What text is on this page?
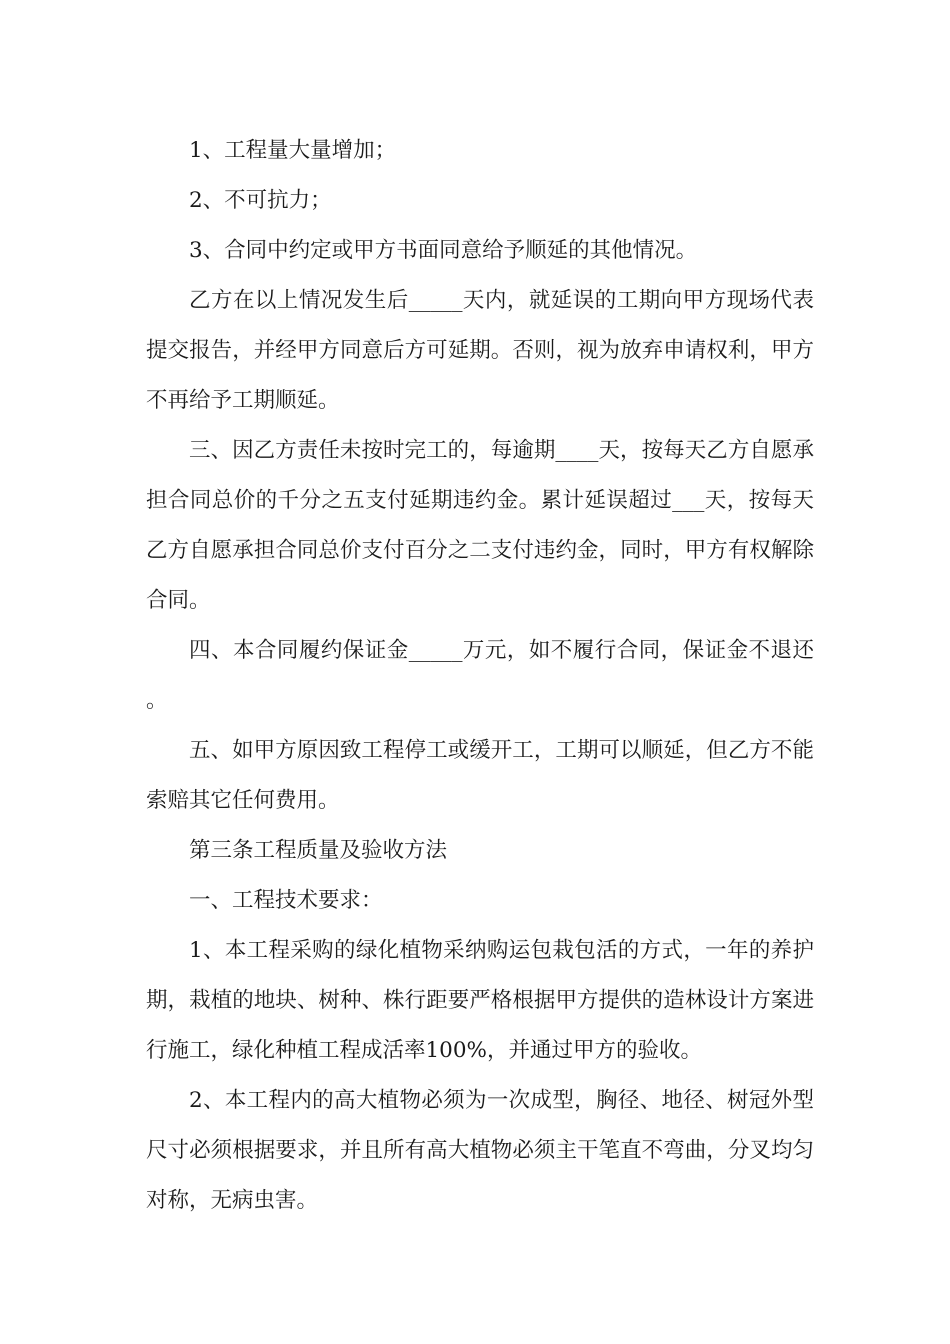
1、工程量大量增加；

2、不可抗力；

3、合同中约定或甲方书面同意给予顺延的其他情况。

乙方在以上情况发生后_____天内，就延误的工期向甲方现场代表提交报告，并经甲方同意后方可延期。否则，视为放弃申请权利，甲方不再给予工期顺延。

三、因乙方责任未按时完工的，每逾期____天，按每天乙方自愿承担合同总价的千分之五支付延期违约金。累计延误超过___天，按每天乙方自愿承担合同总价支付百分之二支付违约金，同时，甲方有权解除合同。

四、本合同履约保证金_____万元，如不履行合同，保证金不退还。

五、如甲方原因致工程停工或缓开工，工期可以顺延，但乙方不能索赔其它任何费用。

第三条工程质量及验收方法

一、工程技术要求：

1、本工程采购的绿化植物采纳购运包栽包活的方式，一年的养护期，栽植的地块、树种、株行距要严格根据甲方提供的造林设计方案进行施工，绿化种植工程成活率100%，并通过甲方的验收。

2、本工程内的高大植物必须为一次成型，胸径、地径、树冠外型尺寸必须根据要求，并且所有高大植物必须主干笔直不弯曲，分叉均匀对称，无病虫害。
